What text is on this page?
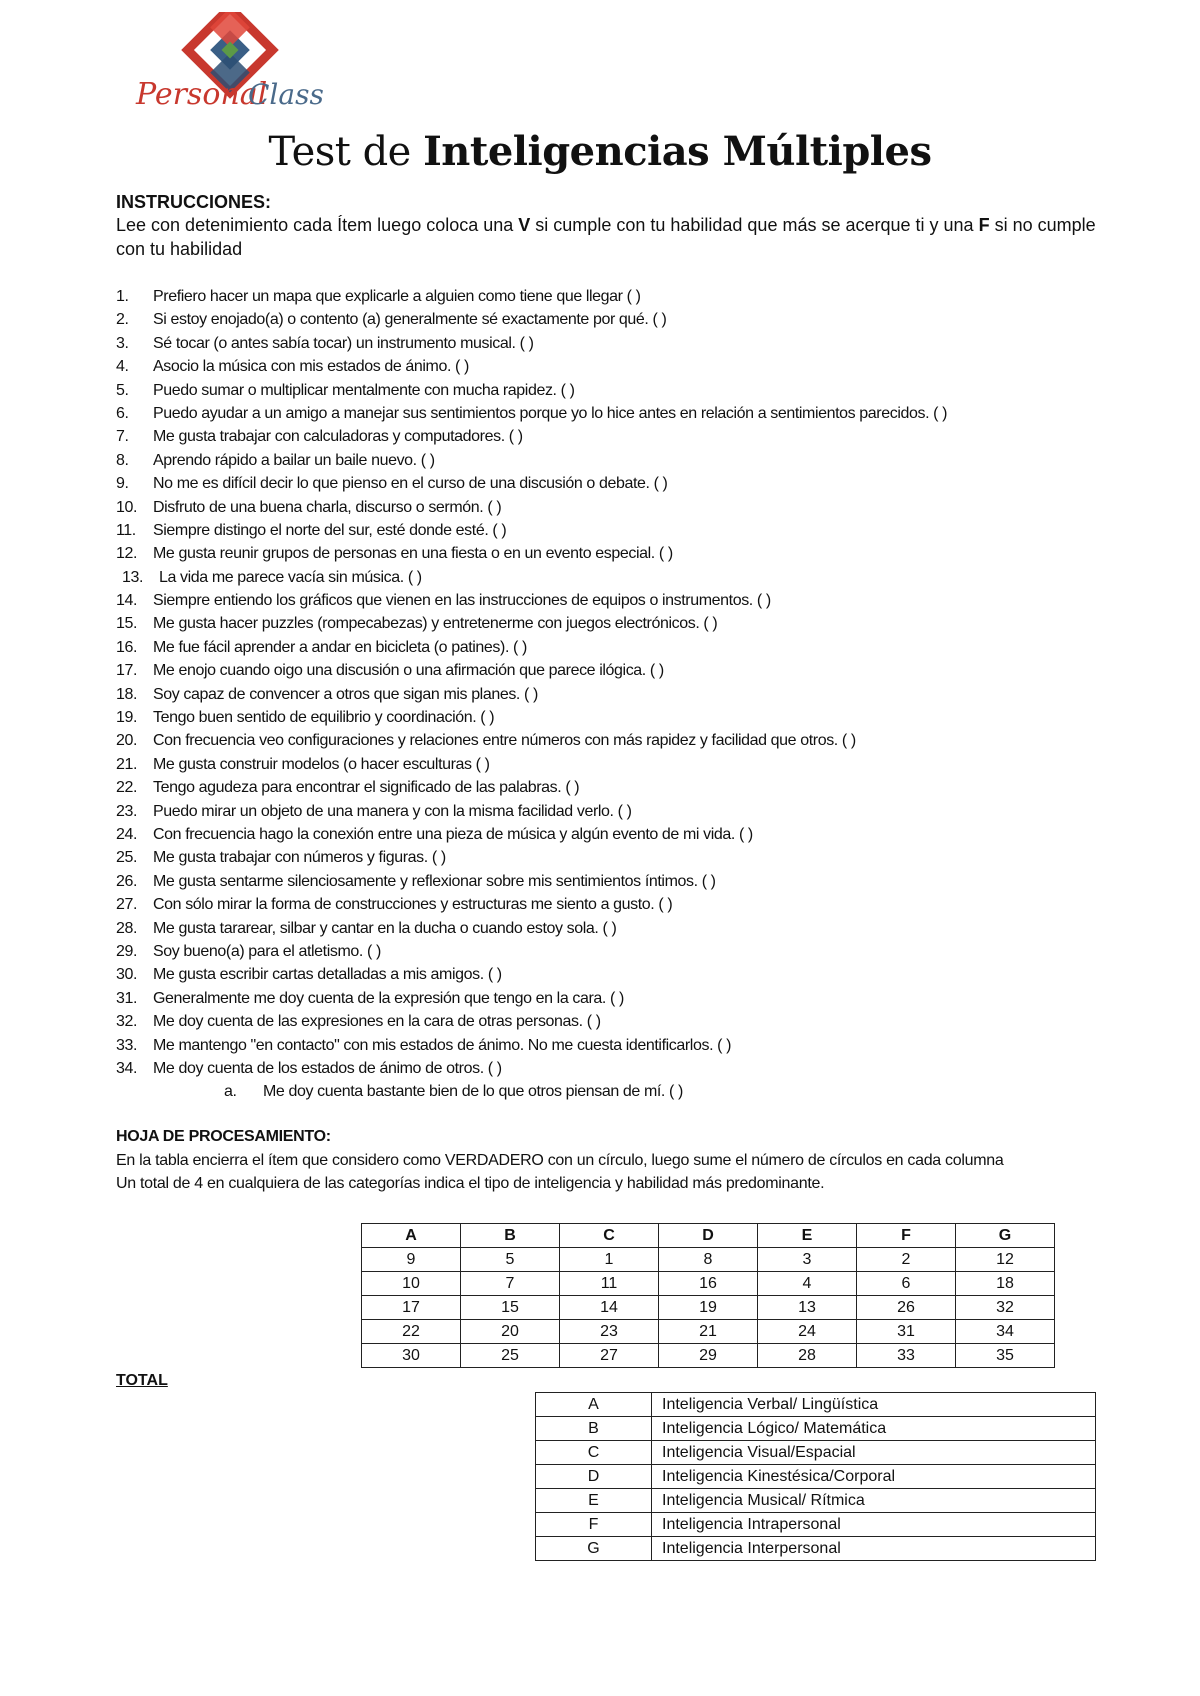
Personal
Class
Test de Inteligencias Múltiples
INSTRUCCIONES:
Lee con detenimiento cada Ítem luego coloca una V si cumple con tu habilidad que más se acerque ti y una F si no cumple con tu habilidad
1.	Prefiero hacer un mapa que explicarle a alguien como tiene que llegar ( )
2.	Si estoy enojado(a) o contento (a) generalmente sé exactamente por qué. ( )
3.	Sé tocar (o antes sabía tocar) un instrumento musical. ( )
4.	Asocio la música con mis estados de ánimo. ( )
5.	Puedo sumar o multiplicar mentalmente con mucha rapidez. ( )
6.	Puedo ayudar a un amigo a manejar sus sentimientos porque yo lo hice antes en relación a sentimientos parecidos. ( )
7.	Me gusta trabajar con calculadoras y computadores. ( )
8.	Aprendo rápido a bailar un baile nuevo. ( )
9.	No me es difícil decir lo que pienso en el curso de una discusión o debate. ( )
10. Disfruto de una buena charla, discurso o sermón. ( )
11.	Siempre distingo el norte del sur, esté donde esté. ( )
12. Me gusta reunir grupos de personas en una fiesta o en un evento especial. ( )
13. La vida me parece vacía sin música. ( )
14. Siempre entiendo los gráficos que vienen en las instrucciones de equipos o instrumentos. ( )
15. Me gusta hacer puzzles (rompecabezas) y entretenerme con juegos electrónicos. ( )
16. Me fue fácil aprender a andar en bicicleta (o patines). ( )
17. Me enojo cuando oigo una discusión o una afirmación que parece ilógica. ( )
18. Soy capaz de convencer a otros que sigan mis planes. ( )
19. Tengo buen sentido de equilibrio y coordinación. ( )
20. Con frecuencia veo configuraciones y relaciones entre números con más rapidez y facilidad que otros. ( )
21. Me gusta construir modelos (o hacer esculturas ( )
22. Tengo agudeza para encontrar el significado de las palabras. ( )
23. Puedo mirar un objeto de una manera y con la misma facilidad verlo. ( )
24. Con frecuencia hago la conexión entre una pieza de música y algún evento de mi vida. ( )
25. Me gusta trabajar con números y figuras. ( )
26. Me gusta sentarme silenciosamente y reflexionar sobre mis sentimientos íntimos. ( )
27. Con sólo mirar la forma de construcciones y estructuras me siento a gusto. ( )
28. Me gusta tararear, silbar y cantar en la ducha o cuando estoy sola. ( )
29. Soy bueno(a) para el atletismo. ( )
30. Me gusta escribir cartas detalladas a mis amigos. ( )
31. Generalmente me doy cuenta de la expresión que tengo en la cara. ( )
32. Me doy cuenta de las expresiones en la cara de otras personas. ( )
33. Me mantengo "en contacto" con mis estados de ánimo. No me cuesta identificarlos. ( )
34. Me doy cuenta de los estados de ánimo de otros. ( )
a.	Me doy cuenta bastante bien de lo que otros piensan de mí. ( )
HOJA DE PROCESAMIENTO:
En la tabla encierra el ítem que considero como VERDADERO con un círculo, luego sume el número de círculos en cada columna
Un total de 4 en cualquiera de las categorías indica el tipo de inteligencia y habilidad más predominante.
A	B	C	D	E	F	G
9	5	1	8	3	2	12
10	7	11	16	4	6	18
17	15	14	19	13	26	32
22	20	23	21	24	31	34
30	25	27	29	28	33	35
TOTAL
A	Inteligencia Verbal/ Lingüística
B	Inteligencia Lógico/ Matemática
C	Inteligencia Visual/Espacial
D	Inteligencia Kinestésica/Corporal
E	Inteligencia Musical/ Rítmica
F	Inteligencia Intrapersonal
G	Inteligencia Interpersonal
